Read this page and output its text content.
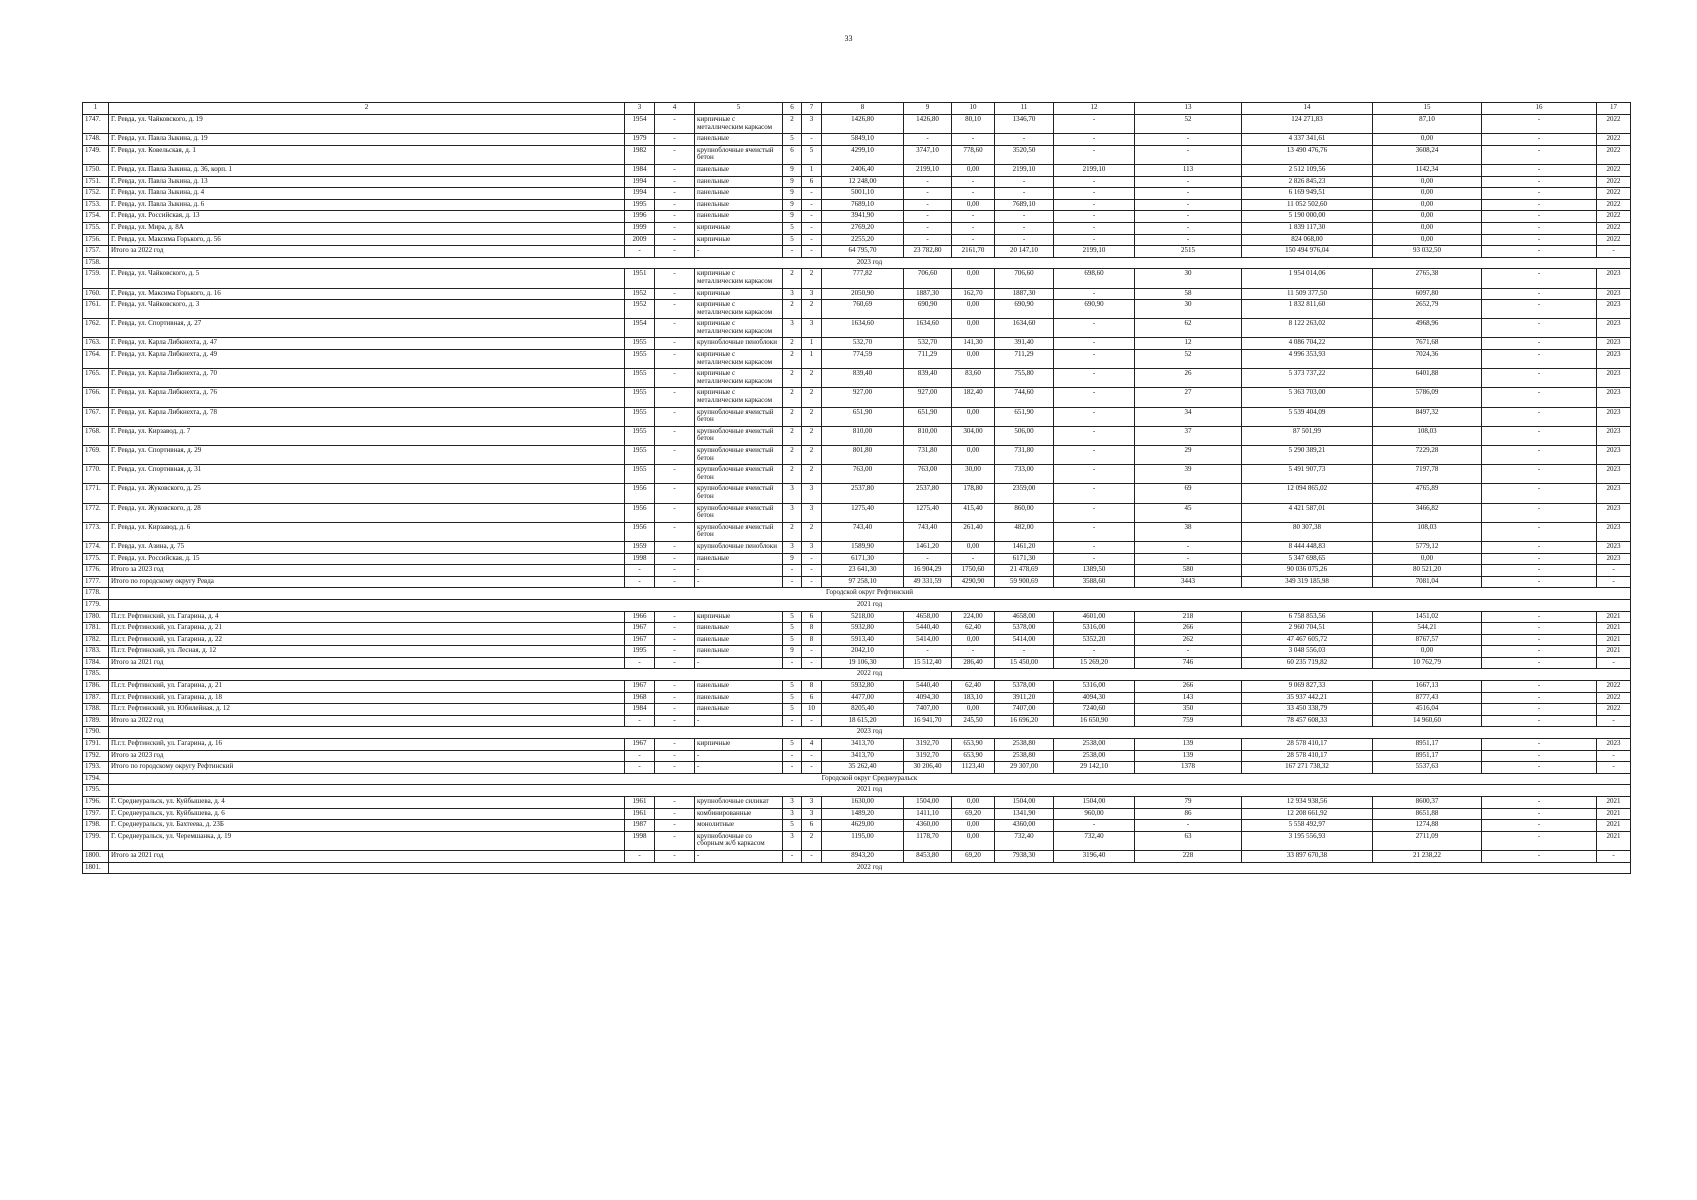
33
1	2	3	4	5	6	7	8	9	10	11	12	13	14	15	16	17
1747.	Г. Ревда, ул. Чайковского, д. 19	1954	-	кирпичные с металлическим каркасом	2	3	1426,80	1426,80	80,10	1346,70	-	52	124 271,83	87,10	-	2022
1748.	Г. Ревда, ул. Павла Зыкина, д. 19	1979	-	панельные	5	-	5849,10	-	-	-	-	-	4 337 341,61	0,00	-	2022
1749.	Г. Ревда, ул. Ковельская, д. 1	1982	-	крупноблочные ячеистый бетон	6	5	4299,10	3747,10	778,60	3520,50	-	-	13 490 476,76	3608,24	-	2022
1750.	Г. Ревда, ул. Павла Зыкина, д. 36, корп. 1	1984	-	панельные	9	1	2406,40	2199,10	0,00	2199,10	2199,10	113	2 512 109,56	1142,34	-	2022
1751.	Г. Ревда, ул. Павла Зыкина, д. 13	1994	-	панельные	9	6	12 248,00	-	-	-	-	-	2 826 845,23	0,00	-	2022
1752.	Г. Ревда, ул. Павла Зыкина, д. 4	1994	-	панельные	9	-	5001,10	-	-	-	-	-	6 169 949,51	0,00	-	2022
1753.	Г. Ревда, ул. Павла Зыкина, д. 6	1995	-	панельные	9	-	7689,10	-	0,00	7689,10	-	-	11 052 502,60	0,00	-	2022
1754.	Г. Ревда, ул. Российская, д. 13	1996	-	панельные	9	-	3941,90	-	-	-	-	-	5 190 000,00	0,00	-	2022
1755.	Г. Ревда, ул. Мира, д. 8А	1999	-	кирпичные	5	-	2769,20	-	-	-	-	-	1 839 117,30	0,00	-	2022
1756.	Г. Ревда, ул. Максима Горького, д. 56	2009	-	кирпичные	5	-	2255,20	-	-	-	-	-	824 068,00	0,00	-	2022
1757.	Итого за 2022 год	-	-	-	-	-	64 795,70	23 782,80	2161,70	20 147,10	2199,10	2515	150 494 976,04	93 032,50	-	-
1758.	2023 год															
1759.	Г. Ревда, ул. Чайковского, д. 5	1951	-	кирпичные с металлическим каркасом	2	2	777,82	706,60	0,00	706,60	698,60	30	1 954 014,06	2765,38	-	2023
1760.	Г. Ревда, ул. Максима Горького, д. 16	1952	-	кирпичные	3	3	2050,90	1887,30	162,70	1887,30	-	58	11 509 377,50	6097,80	-	2023
1761.	Г. Ревда, ул. Чайковского, д. 3	1952	-	кирпичные с металлическим каркасом	2	2	760,69	690,90	0,00	690,90	690,90	30	1 832 811,60	2652,79	-	2023
1762.	Г. Ревда, ул. Спортивная, д. 27	1954	-	кирпичные с металлическим каркасом	3	3	1634,60	1634,60	0,00	1634,60	-	62	8 122 263,02	4968,96	-	2023
1763.	Г. Ревда, ул. Карла Либкнехта, д. 47	1955	-	крупноблочные пеноблоки	2	1	532,70	532,70	141,30	391,40	-	12	4 086 704,22	7671,68	-	2023
1764.	Г. Ревда, ул. Карла Либкнехта, д. 49	1955	-	кирпичные с металлическим каркасом	2	1	774,59	711,29	0,00	711,29	-	52	4 996 353,93	7024,36	-	2023
1765.	Г. Ревда, ул. Карла Либкнехта, д. 70	1955	-	кирпичные с металлическим каркасом	2	2	839,40	839,40	83,60	755,80	-	26	5 373 737,22	6401,88	-	2023
1766.	Г. Ревда, ул. Карла Либкнехта, д. 76	1955	-	кирпичные с металлическим каркасом	2	2	927,00	927,00	182,40	744,60	-	27	5 363 703,00	5786,09	-	2023
1767.	Г. Ревда, ул. Карла Либкнехта, д. 78	1955	-	крупноблочные ячеистый бетон	2	2	651,90	651,90	0,00	651,90	-	34	5 539 404,09	8497,32	-	2023
1768.	Г. Ревда, ул. Кирзавод, д. 7	1955	-	крупноблочные ячеистый бетон	2	2	810,00	810,00	304,00	506,00	-	37	87 501,99	108,03	-	2023
1769.	Г. Ревда, ул. Спортивная, д. 29	1955	-	крупноблочные ячеистый бетон	2	2	801,80	731,80	0,00	731,80	-	29	5 290 389,21	7229,28	-	2023
1770.	Г. Ревда, ул. Спортивная, д. 31	1955	-	крупноблочные ячеистый бетон	2	2	763,00	763,00	30,00	733,00	-	39	5 491 907,73	7197,78	-	2023
1771.	Г. Ревда, ул. Жуковского, д. 25	1956	-	крупноблочные ячеистый бетон	3	3	2537,80	2537,80	178,80	2359,00	-	69	12 094 865,02	4765,89	-	2023
1772.	Г. Ревда, ул. Жуковского, д. 28	1956	-	крупноблочные ячеистый бетон	3	3	1275,40	1275,40	415,40	860,00	-	45	4 421 587,01	3466,82	-	2023
1773.	Г. Ревда, ул. Кирзавод, д. 6	1956	-	крупноблочные ячеистый бетон	2	2	743,40	743,40	261,40	482,00	-	38	80 307,38	108,03	-	2023
1774.	Г. Ревда, ул. Азина, д. 75	1959	-	крупноблочные пеноблоки	3	3	1589,90	1461,20	0,00	1461,20	-	-	8 444 448,83	5779,12	-	2023
1775.	Г. Ревда, ул. Российская, д. 15	1998	-	панельные	9	-	6171,30	-	-	6171,30	-	-	5 347 698,65	0,00	-	2023
1776.	Итого за 2023 год	-	-	-	-	-	23 641,30	16 904,29	1750,60	21 478,69	1389,50	580	90 036 075,26	80 521,20	-	-
1777.	Итого по городскому округу Ревда	-	-	-	-	-	97 258,10	49 331,59	4290,90	59 900,69	3588,60	3443	349 319 185,98	7081,04	-	-
1778.	Городской округ Рефтинский															
1779.	2021 год															
1780.	П.г.т. Рефтинский, ул. Гагарина, д. 4	1966	-	кирпичные	5	6	5218,00	4658,00	224,00	4658,00	4601,00	218	6 758 853,56	1451,02	-	2021
1781.	П.г.т. Рефтинский, ул. Гагарина, д. 21	1967	-	панельные	5	8	5932,80	5440,40	62,40	5378,00	5316,00	266	2 960 704,51	544,21	-	2021
1782.	П.г.т. Рефтинский, ул. Гагарина, д. 22	1967	-	панельные	5	8	5913,40	5414,00	0,00	5414,00	5352,20	262	47 467 605,72	8767,57	-	2021
1783.	П.г.т. Рефтинский, ул. Лесная, д. 12	1995	-	панельные	9	-	2042,10	-	-	-	-	-	3 048 556,03	0,00	-	2021
1784.	Итого за 2021 год	-	-	-	-	-	19 106,30	15 512,40	286,40	15 450,00	15 269,20	746	60 235 719,82	10 762,79	-	-
1785.	2022 год															
1786.	П.г.т. Рефтинский, ул. Гагарина, д. 21	1967	-	панельные	5	8	5932,80	5440,40	62,40	5378,00	5316,00	266	9 069 827,33	1667,13	-	2022
1787.	П.г.т. Рефтинский, ул. Гагарина, д. 18	1968	-	панельные	5	6	4477,00	4094,30	183,10	3911,20	4094,30	143	35 937 442,21	8777,43	-	2022
1788.	П.г.т. Рефтинский, ул. Юбилейная, д. 12	1984	-	панельные	5	10	8205,40	7407,00	0,00	7407,00	7240,60	350	33 450 338,79	4516,04	-	2022
1789.	Итого за 2022 год	-	-	-	-	-	18 615,20	16 941,70	245,50	16 696,20	16 650,90	759	78 457 608,33	14 960,60	-	-
1790.	2023 год															
1791.	П.г.т. Рефтинский, ул. Гагарина, д. 16	1967	-	кирпичные	5	4	3413,70	3192,70	653,90	2538,80	2538,00	139	28 578 410,17	8951,17	-	2023
1792.	Итого за 2023 год	-	-	-	-	-	3413,70	3192,70	653,90	2538,80	2538,00	139	28 578 410,17	8951,17	-	-
1793.	Итого по городскому округу Рефтинский	-	-	-	-	-	35 262,40	30 206,40	1123,40	29 307,00	29 142,10	1378	167 271 738,32	5537,63	-	-
1794.	Городской округ Среднеуральск															
1795.	2021 год															
1796.	Г. Среднеуральск, ул. Куйбышева, д. 4	1961	-	крупноблочные силикат	3	3	1630,00	1504,00	0,00	1504,00	1504,00	79	12 934 938,56	8600,37	-	2021
1797.	Г. Среднеуральск, ул. Куйбышева, д. 6	1961	-	комбинированные	3	3	1489,20	1411,10	69,20	1341,90	960,00	86	12 208 661,92	8651,88	-	2021
1798.	Г. Среднеуральск, ул. Бахтеева, д. 23Б	1987	-	монолитные	5	6	4629,00	4360,00	0,00	4360,00	-	-	5 558 492,97	1274,88	-	2021
1799.	Г. Среднеуральск, ул. Черемшанка, д. 19	1998	-	крупноблочные со сборным ж/б каркасом	3	2	1195,00	1178,70	0,00	732,40	732,40	63	3 195 556,93	2711,09	-	2021
1800.	Итого за 2021 год	-	-	-	-	-	8943,20	8453,80	69,20	7938,30	3196,40	228	33 897 670,38	21 238,22	-	-
1801.	2022 год															
